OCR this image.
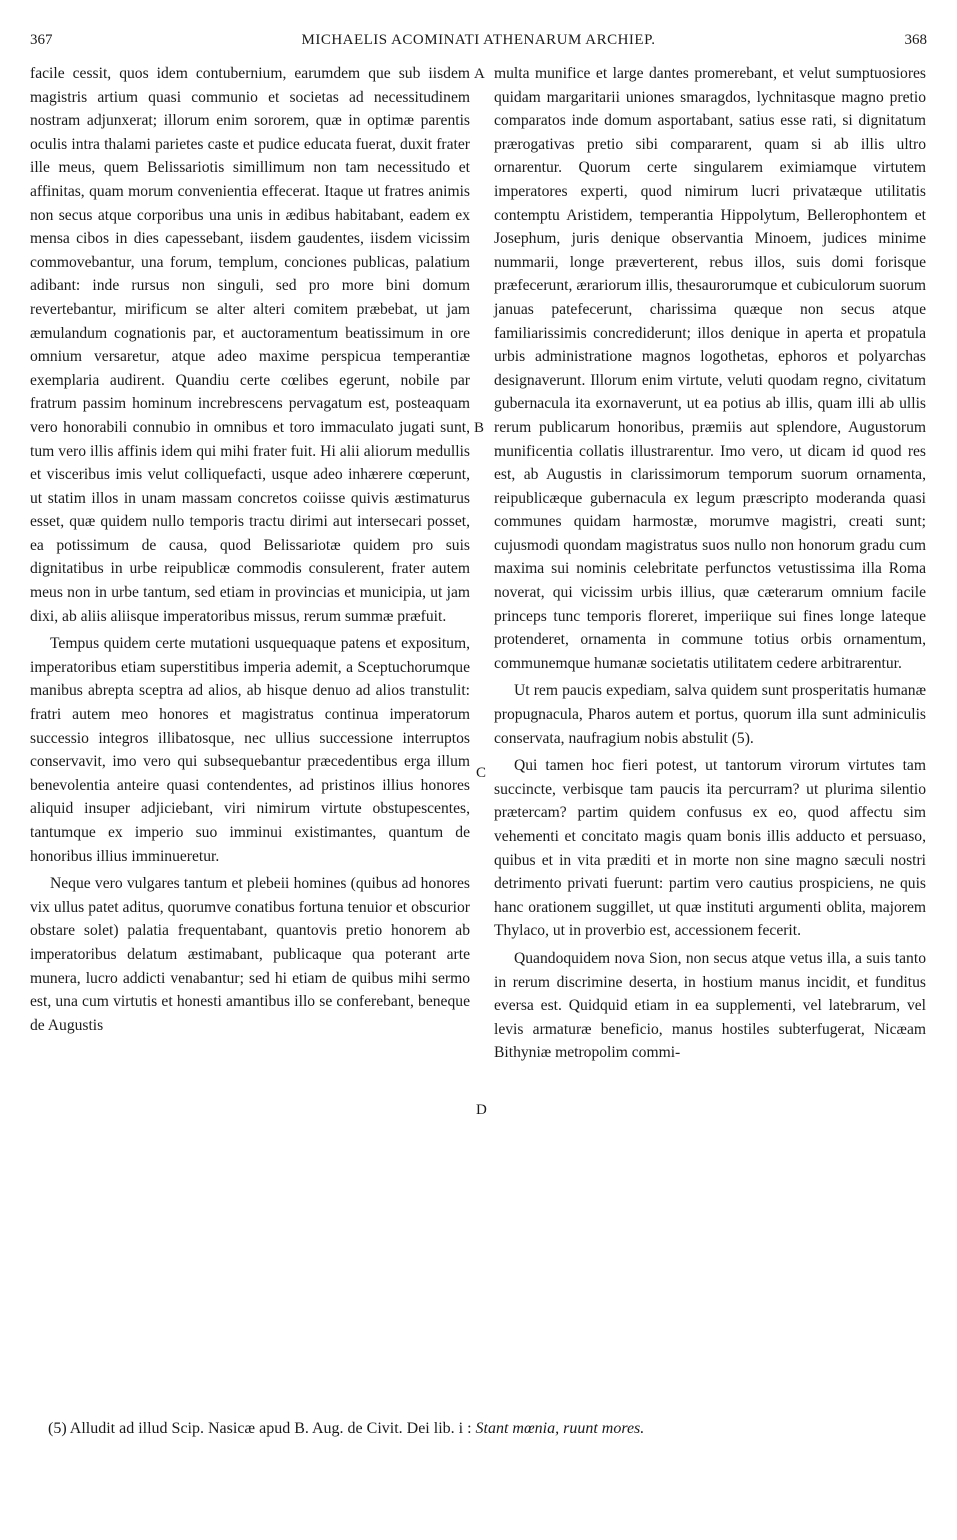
367	MICHAELIS ACOMINATI ATHENARUM ARCHIEP.	368

facile cessit, quos idem contubernium, earumdem que sub iisdem magistris artium quasi communio et societas ad necessitudinem nostram adjunxerat; illorum enim sororem, quæ in optimæ parentis oculis intra thalami parietes caste et pudice educata fuerat, duxit frater ille meus, quem Belissariotis simillimum non tam necessitudo et affinitas, quam morum convenientia effecerat. Itaque ut fratres animis non secus atque corporibus una unis in ædibus habitabant, eadem ex mensa cibos in dies capessebant, iisdem gaudentes, iisdem vicissim commovebantur, una forum, templum, conciones publicas, palatium adibant: inde rursus non singuli, sed pro more bini domum revertebantur, mirificum se alter alteri comitem præbebat, ut jam æmulandum cognationis par, et auctoramentum beatissimum in ore omnium versaretur, atque adeo maxime perspicua temperantiæ exemplaria audirent. Quandiu certe cœlibes egerunt, nobile par fratrum passim hominum increbrescens pervagatum est, posteaquam vero honorabili connubio in omnibus et toro immaculato jugati sunt, tum vero illis affinis idem qui mihi frater fuit. Hi alii aliorum medullis et visceribus imis velut colliquefacti, usque adeo inhærere cœperunt, ut statim illos in unam massam concretos coiisse quivis æstimaturus esset, quæ quidem nullo temporis tractu dirimi aut intersecari posset, ea potissimum de causa, quod Belissariotæ quidem pro suis dignitatibus in urbe reipublicæ commodis consulerent, frater autem meus non in urbe tantum, sed etiam in provincias et municipia, ut jam dixi, ab aliis aliisque imperatoribus missus, rerum summæ præfuit.

Tempus quidem certe mutationi usquequaque patens et expositum, imperatoribus etiam superstitibus imperia ademit, a Sceptuchorumque manibus abrepta sceptra ad alios, ab hisque denuo ad alios transtulit: fratri autem meo honores et magistratus continua imperatorum successio integros illibatosque, nec ullius successione interruptos conservavit, imo vero qui subsequebantur præcedentibus erga illum benevolentia anteire quasi contendentes, ad pristinos illius honores aliquid insuper adjiciebant, viri nimirum virtute obstupescentes, tantumque ex imperio suo imminui existimantes, quantum de honoribus illius imminueretur.

Neque vero vulgares tantum et plebeii homines (quibus ad honores vix ullus patet aditus, quorumve conatibus fortuna tenuior et obscurior obstare solet) palatia frequentabant, quantovis pretio honorem ab imperatoribus delatum æstimabant, publicaque qua poterant arte munera, lucro addicti venabantur; sed hi etiam de quibus mihi sermo est, una cum virtutis et honesti amantibus illo se conferebant, beneque de Augustis

A
B
C
D

multa munifice et large dantes promerebant, et velut sumptuosiores quidam margaritarii uniones smaragdos, lychnitasque magno pretio comparatos inde domum asportabant, satius esse rati, si dignitatum prærogativas pretio sibi compararent, quam si ab illis ultro ornarentur. Quorum certe singularem eximiamque virtutem imperatores experti, quod nimirum lucri privatæque utilitatis contemptu Aristidem, temperantia Hippolytum, Bellerophontem et Josephum, juris denique observantia Minoem, judices minime nummarii, longe præverterent, rebus illos, suis domi forisque præfecerunt, ærariorum illis, thesaurorumque et cubiculorum suorum januas patefecerunt, charissima quæque non secus atque familiarissimis concrediderunt; illos denique in aperta et propatula urbis administratione magnos logothetas, ephoros et polyarchas designaverunt. Illorum enim virtute, veluti quodam regno, civitatum gubernacula ita exornaverunt, ut ea potius ab illis, quam illi ab ullis rerum publicarum honoribus, præmiis aut splendore, Augustorum munificentia collatis illustrarentur. Imo vero, ut dicam id quod res est, ab Augustis in clarissimorum temporum suorum ornamenta, reipublicæque gubernacula ex legum præscripto moderanda quasi communes quidam harmostæ, morumve magistri, creati sunt; cujusmodi quondam magistratus suos nullo non honorum gradu cum maxima sui nominis celebritate perfunctos vetustissima illa Roma noverat, qui vicissim urbis illius, quæ cæterarum omnium facile princeps tunc temporis floreret, imperiique sui fines longe lateque protenderet, ornamenta in commune totius orbis ornamentum, communemque humanæ societatis utilitatem cedere arbitrarentur.

Ut rem paucis expediam, salva quidem sunt prosperitatis humanæ propugnacula, Pharos autem et portus, quorum illa sunt adminiculis conservata, naufragium nobis abstulit (5).

Qui tamen hoc fieri potest, ut tantorum virorum virtutes tam succincte, verbisque tam paucis ita percurram? ut plurima silentio prætercam? partim quidem confusus ex eo, quod affectu sim vehementi et concitato magis quam bonis illis adducto et persuaso, quibus et in vita præditi et in morte non sine magno sæculi nostri detrimento privati fuerunt: partim vero cautius prospiciens, ne quis hanc orationem suggillet, ut quæ instituti argumenti oblita, majorem Thylaco, ut in proverbio est, accessionem fecerit.

Quandoquidem nova Sion, non secus atque vetus illa, a suis tanto in rerum discrimine deserta, in hostium manus incidit, et funditus eversa est. Quidquid etiam in ea supplementi, vel latebrarum, vel levis armaturæ beneficio, manus hostiles subterfugerat, Nicæam Bithyniæ metropolim commi-

(5) Alludit ad illud Scip. Nasicæ apud B. Aug. de Civit. Dei lib. i : Stant mœnia, ruunt mores.
